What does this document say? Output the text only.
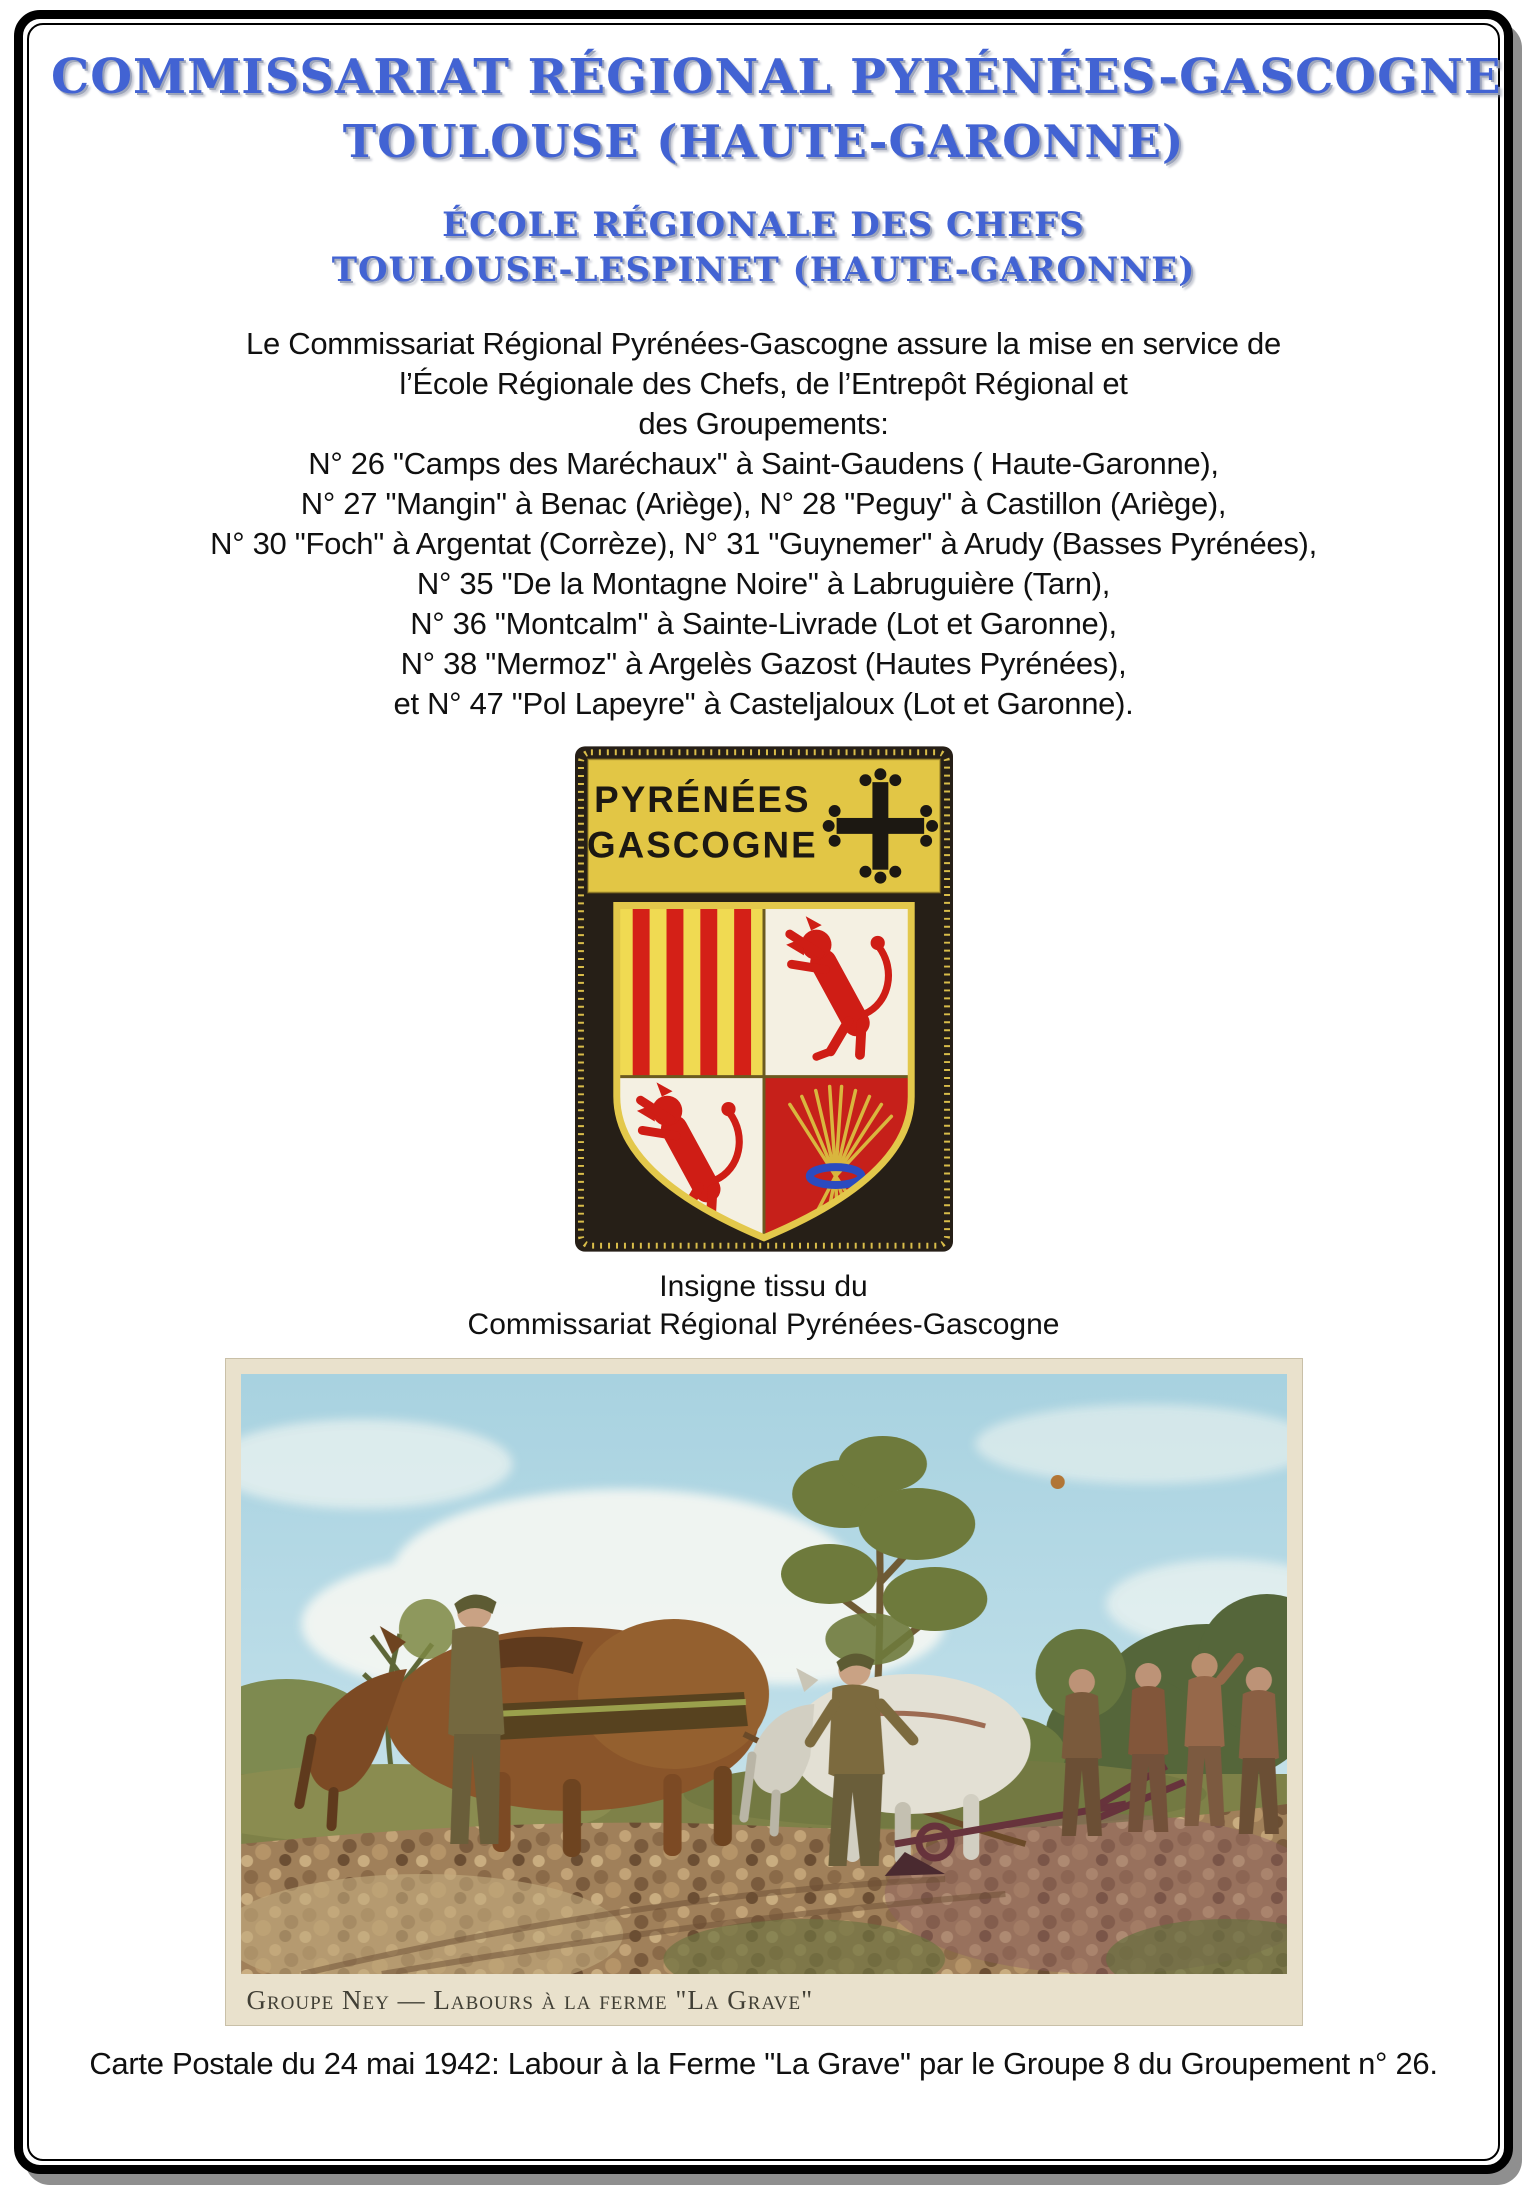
COMMISSARIAT RÉGIONAL PYRÉNÉES-GASCOGNE
TOULOUSE (HAUTE-GARONNE)
ÉCOLE RÉGIONALE DES CHEFS
TOULOUSE-LESPINET (HAUTE-GARONNE)
Le Commissariat Régional Pyrénées-Gascogne assure la mise en service de
l’École Régionale des Chefs, de l’Entrepôt Régional et
des Groupements:
N° 26 "Camps des Maréchaux" à Saint-Gaudens ( Haute-Garonne),
N° 27 "Mangin" à Benac (Ariège), N° 28 "Peguy" à Castillon (Ariège),
N° 30 "Foch" à Argentat (Corrèze), N° 31 "Guynemer" à Arudy (Basses Pyrénées),
N° 35 "De la Montagne Noire" à Labruguière (Tarn),
N° 36 "Montcalm" à Sainte-Livrade (Lot et Garonne),
N° 38 "Mermoz" à Argelès Gazost (Hautes Pyrénées),
et N° 47 "Pol Lapeyre" à Casteljaloux (Lot et Garonne).
PYRÉNÉES
GASCOGNE
Insigne tissu du
Commissariat Régional Pyrénées-Gascogne
Groupe Ney — Labours à la ferme "La Grave"
Carte Postale du 24 mai 1942: Labour à la Ferme "La Grave" par le Groupe 8 du Groupement n° 26.
